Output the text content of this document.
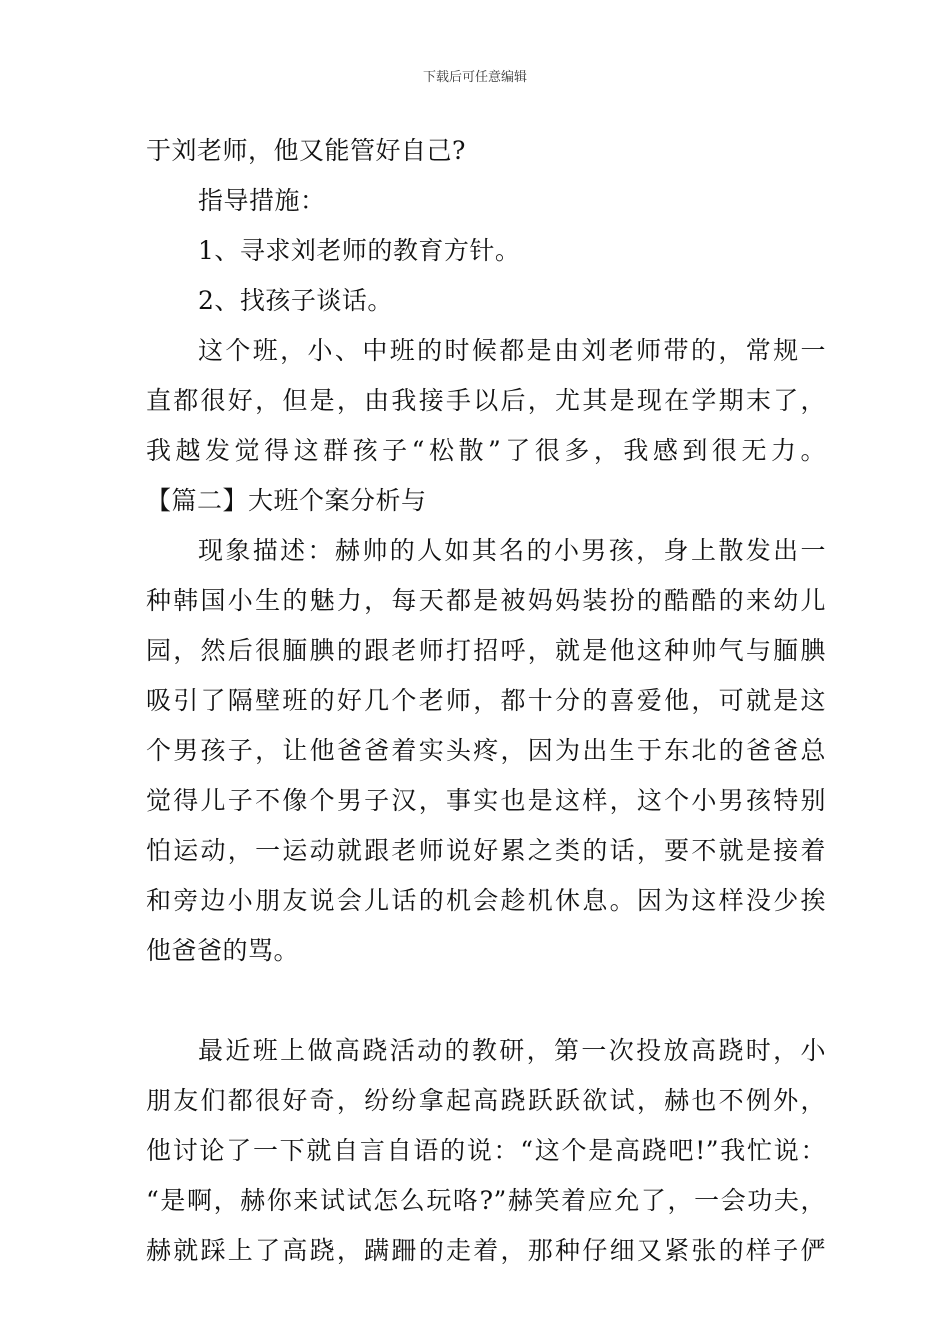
下载后可任意编辑
于刘老师，他又能管好自己?
指导措施：
1、寻求刘老师的教育方针。
2、找孩子谈话。
这个班，小、中班的时候都是由刘老师带的，常规一
直都很好，但是，由我接手以后，尤其是现在学期末了，
我越发觉得这群孩子“松散”了很多，我感到很无力。
【篇二】大班个案分析与
现象描述：赫帅的人如其名的小男孩，身上散发出一
种韩国小生的魅力，每天都是被妈妈装扮的酷酷的来幼儿
园，然后很腼腆的跟老师打招呼，就是他这种帅气与腼腆
吸引了隔壁班的好几个老师，都十分的喜爱他，可就是这
个男孩子，让他爸爸着实头疼，因为出生于东北的爸爸总
觉得儿子不像个男子汉，事实也是这样，这个小男孩特别
怕运动，一运动就跟老师说好累之类的话，要不就是接着
和旁边小朋友说会儿话的机会趁机休息。因为这样没少挨
他爸爸的骂。
最近班上做高跷活动的教研，第一次投放高跷时，小
朋友们都很好奇，纷纷拿起高跷跃跃欲试，赫也不例外，
他讨论了一下就自言自语的说：“这个是高跷吧!”我忙说：
“是啊，赫你来试试怎么玩咯?”赫笑着应允了，一会功夫，
赫就踩上了高跷，蹒跚的走着，那种仔细又紧张的样子俨
